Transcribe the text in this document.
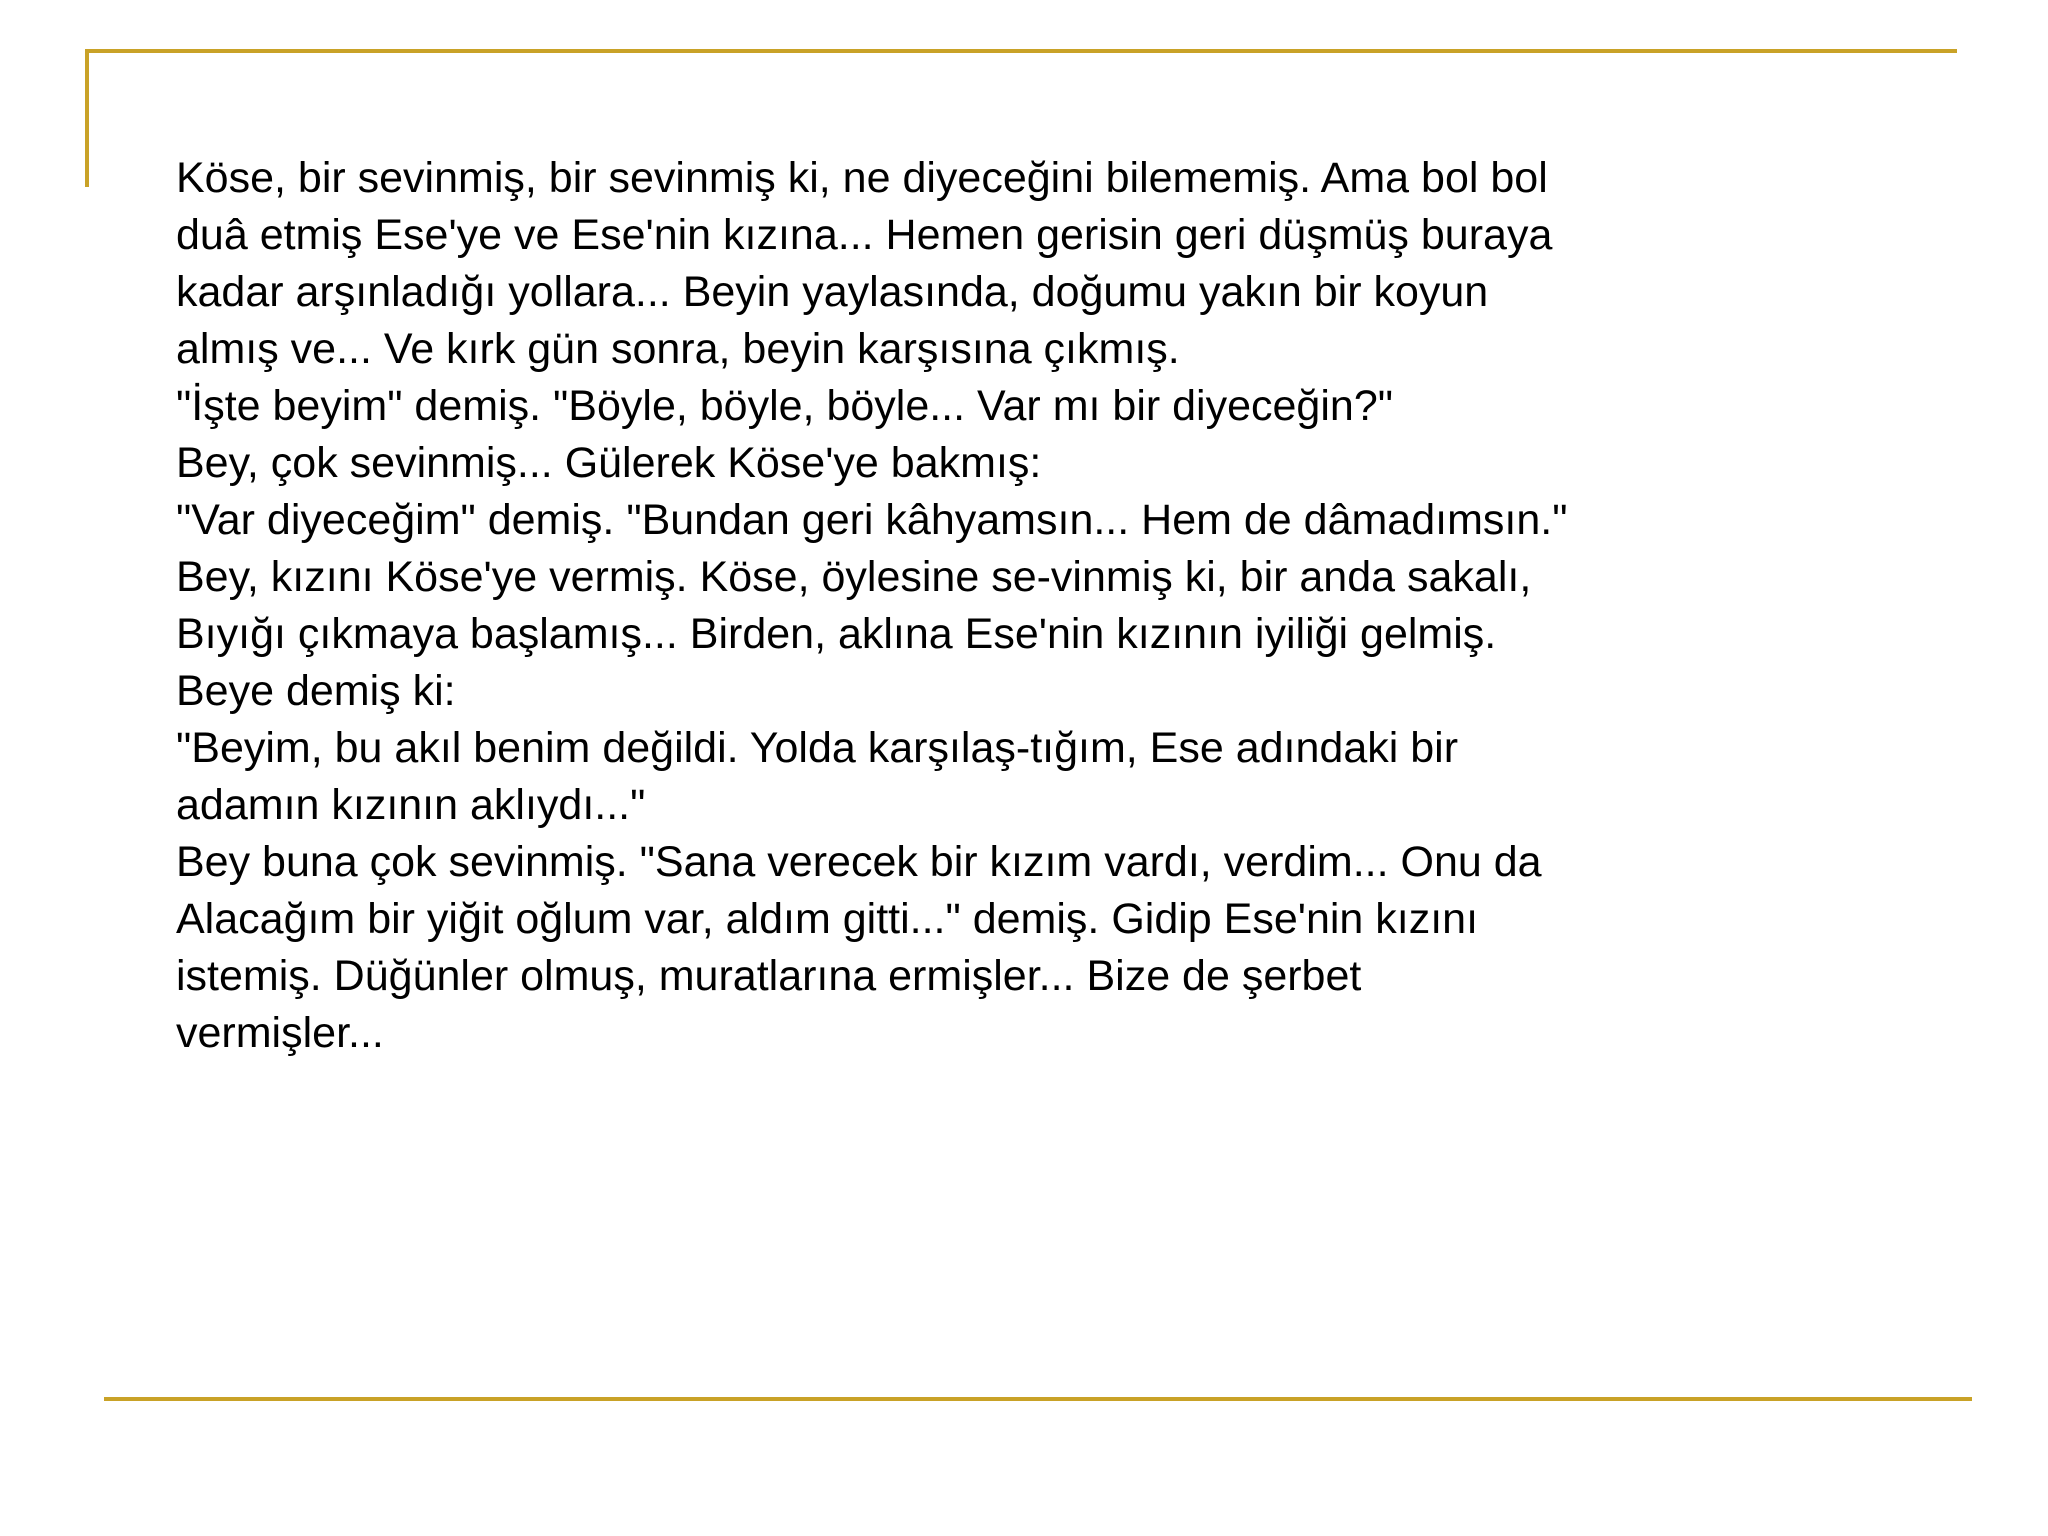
Köse, bir sevinmiş, bir sevinmiş ki, ne diyeceğini bilememiş. Ama bol bol
duâ etmiş Ese'ye ve Ese'nin kızına... Hemen gerisin geri düşmüş buraya
kadar arşınladığı yollara... Beyin yaylasında, doğumu yakın bir koyun
almış ve... Ve kırk gün sonra, beyin karşısına çıkmış.
"İşte beyim" demiş. "Böyle, böyle, böyle... Var mı bir diyeceğin?"
Bey, çok sevinmiş... Gülerek Köse'ye bakmış:
"Var diyeceğim" demiş. "Bundan geri kâhyamsın... Hem de dâmadımsın."
Bey, kızını Köse'ye vermiş. Köse, öylesine se-vinmiş ki, bir anda sakalı,
Bıyığı çıkmaya başlamış... Birden, aklına Ese'nin kızının iyiliği gelmiş.
Beye demiş ki:
"Beyim, bu akıl benim değildi. Yolda karşılaş-tığım, Ese adındaki bir
adamın kızının aklıydı..."
Bey buna çok sevinmiş. "Sana verecek bir kızım vardı, verdim... Onu da
Alacağım bir yiğit oğlum var, aldım gitti..." demiş. Gidip Ese'nin kızını
istemiş. Düğünler olmuş, muratlarına ermişler... Bize de şerbet
vermişler...
